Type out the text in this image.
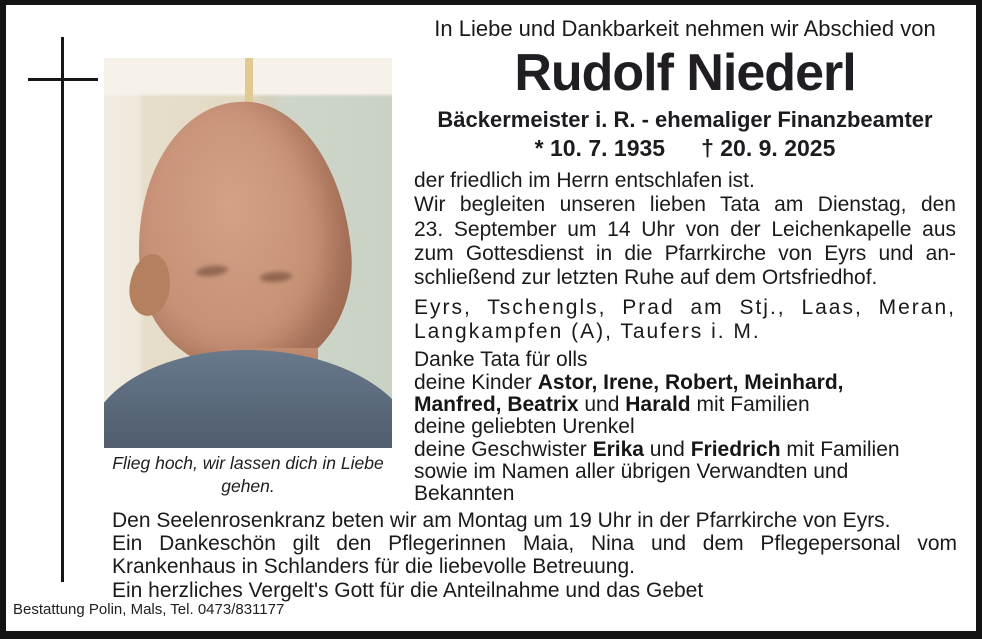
Flieg hoch, wir lassen dich in Liebe gehen.
In Liebe und Dankbarkeit nehmen wir Abschied von
Rudolf Niederl
Bäckermeister i. R. - ehemaliger Finanzbeamter
* 10. 7. 1935 † 20. 9. 2025
der friedlich im Herrn entschlafen ist.
Wir begleiten unseren lieben Tata am Dienstag, den
23. September um 14 Uhr von der Leichenkapelle aus
zum Gottesdienst in die Pfarrkirche von Eyrs und an-
schließend zur letzten Ruhe auf dem Ortsfriedhof.
Eyrs, Tschengls, Prad am Stj., Laas, Meran,
Langkampfen (A), Taufers i. M.
Danke Tata für olls
deine Kinder Astor, Irene, Robert, Meinhard,
Manfred, Beatrix und Harald mit Familien
deine geliebten Urenkel
deine Geschwister Erika und Friedrich mit Familien
sowie im Namen aller übrigen Verwandten und
Bekannten
Den Seelenrosenkranz beten wir am Montag um 19 Uhr in der Pfarrkirche von Eyrs.
Ein Dankeschön gilt den Pflegerinnen Maia, Nina und dem Pflegepersonal vom
Krankenhaus in Schlanders für die liebevolle Betreuung.
Ein herzliches Vergelt's Gott für die Anteilnahme und das Gebet
Bestattung Polin, Mals, Tel. 0473/831177
